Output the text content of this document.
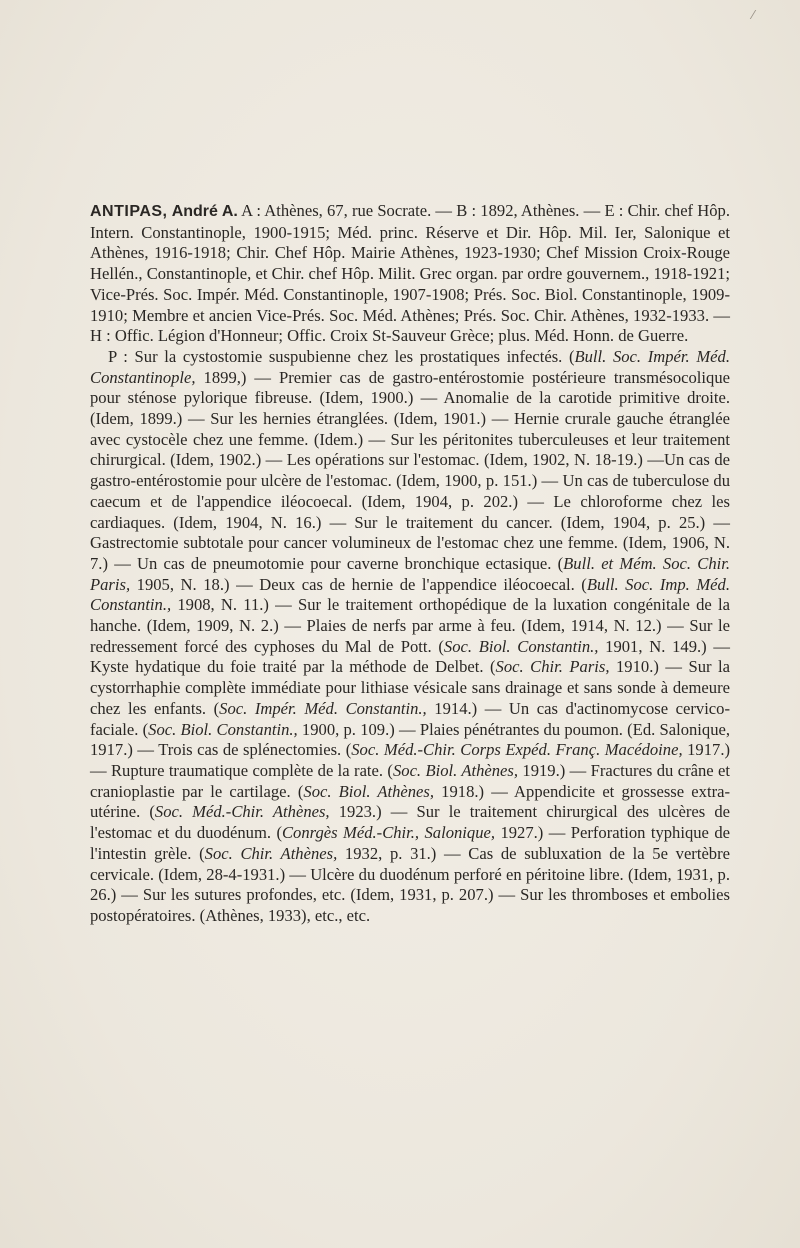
⁄

ANTIPAS, André A. A : Athènes, 67, rue Socrate. — B : 1892, Athènes. — E : Chir. chef Hôp. Intern. Constantinople, 1900-1915; Méd. princ. Réserve et Dir. Hôp. Mil. Ier, Salonique et Athènes, 1916-1918; Chir. Chef Hôp. Mairie Athènes, 1923-1930; Chef Mission Croix-Rouge Hellén., Constantinople, et Chir. chef Hôp. Milit. Grec organ. par ordre gouvernem., 1918-1921; Vice-Prés. Soc. Impér. Méd. Constantinople, 1907-1908; Prés. Soc. Biol. Constantinople, 1909-1910; Membre et ancien Vice-Prés. Soc. Méd. Athènes; Prés. Soc. Chir. Athènes, 1932-1933. — H : Offic. Légion d'Honneur; Offic. Croix St-Sauveur Grèce; plus. Méd. Honn. de Guerre.

P : Sur la cystostomie suspubienne chez les prostatiques infectés. (Bull. Soc. Impér. Méd. Constantinople, 1899,) — Premier cas de gastro-entérostomie postérieure transmésocolique pour sténose pylorique fibreuse. (Idem, 1900.) — Anomalie de la carotide primitive droite. (Idem, 1899.) — Sur les hernies étranglées. (Idem, 1901.) — Hernie crurale gauche étranglée avec cystocèle chez une femme. (Idem.) — Sur les péritonites tuberculeuses et leur traitement chirurgical. (Idem, 1902.) — Les opérations sur l'estomac. (Idem, 1902, N. 18-19.) —Un cas de gastro-entérostomie pour ulcère de l'estomac. (Idem, 1900, p. 151.) — Un cas de tuberculose du caecum et de l'appendice iléocoecal. (Idem, 1904, p. 202.) — Le chloroforme chez les cardiaques. (Idem, 1904, N. 16.) — Sur le traitement du cancer. (Idem, 1904, p. 25.) — Gastrectomie subtotale pour cancer volumineux de l'estomac chez une femme. (Idem, 1906, N. 7.) — Un cas de pneumotomie pour caverne bronchique ectasique. (Bull. et Mém. Soc. Chir. Paris, 1905, N. 18.) — Deux cas de hernie de l'appendice iléocoecal. (Bull. Soc. Imp. Méd. Constantin., 1908, N. 11.) — Sur le traitement orthopédique de la luxation congénitale de la hanche. (Idem, 1909, N. 2.) — Plaies de nerfs par arme à feu. (Idem, 1914, N. 12.) — Sur le redressement forcé des cyphoses du Mal de Pott. (Soc. Biol. Constantin., 1901, N. 149.) — Kyste hydatique du foie traité par la méthode de Delbet. (Soc. Chir. Paris, 1910.) — Sur la cystorrhaphie complète immédiate pour lithiase vésicale sans drainage et sans sonde à demeure chez les enfants. (Soc. Impér. Méd. Constantin., 1914.) — Un cas d'actinomycose cervico-faciale. (Soc. Biol. Constantin., 1900, p. 109.) — Plaies pénétrantes du poumon. (Ed. Salonique, 1917.) — Trois cas de splénectomies. (Soc. Méd.-Chir. Corps Expéd. Franç. Macédoine, 1917.) — Rupture traumatique complète de la rate. (Soc. Biol. Athènes, 1919.) — Fractures du crâne et cranioplastie par le cartilage. (Soc. Biol. Athènes, 1918.) — Appendicite et grossesse extra-utérine. (Soc. Méd.-Chir. Athènes, 1923.) — Sur le traitement chirurgical des ulcères de l'estomac et du duodénum. (Conrgès Méd.-Chir., Salonique, 1927.) — Perforation typhique de l'intestin grèle. (Soc. Chir. Athènes, 1932, p. 31.) — Cas de subluxation de la 5e vertèbre cervicale. (Idem, 28-4-1931.) — Ulcère du duodénum perforé en péritoine libre. (Idem, 1931, p. 26.) — Sur les sutures profondes, etc. (Idem, 1931, p. 207.) — Sur les thromboses et embolies postopératoires. (Athènes, 1933), etc., etc.
